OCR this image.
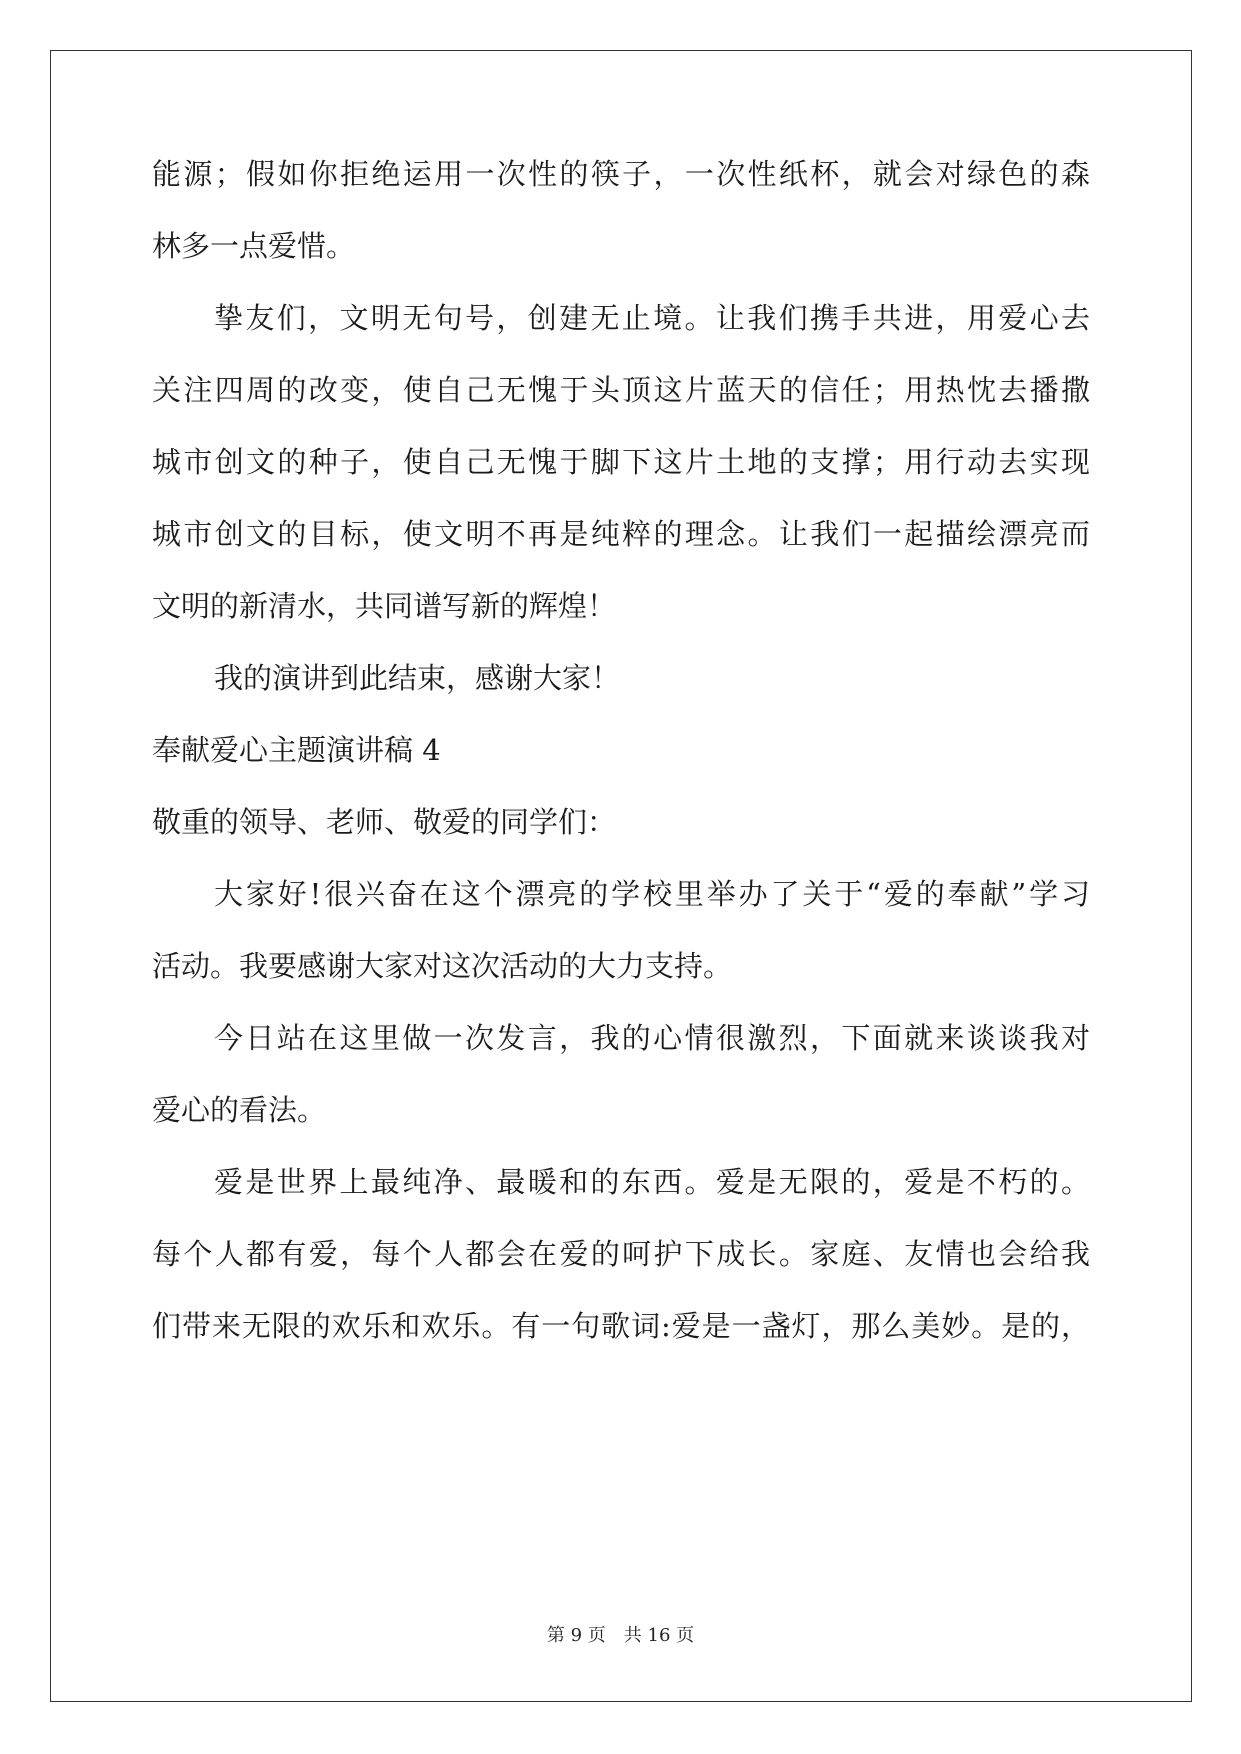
能源；假如你拒绝运用一次性的筷子，一次性纸杯，就会对绿色的森
林多一点爱惜。
挚友们，文明无句号，创建无止境。让我们携手共进，用爱心去
关注四周的改变，使自己无愧于头顶这片蓝天的信任；用热忱去播撒
城市创文的种子，使自己无愧于脚下这片土地的支撑；用行动去实现
城市创文的目标，使文明不再是纯粹的理念。让我们一起描绘漂亮而
文明的新清水，共同谱写新的辉煌！
我的演讲到此结束，感谢大家！
奉献爱心主题演讲稿 4
敬重的领导、老师、敬爱的同学们：
大家好!很兴奋在这个漂亮的学校里举办了关于“爱的奉献”学习
活动。我要感谢大家对这次活动的大力支持。
今日站在这里做一次发言，我的心情很激烈，下面就来谈谈我对
爱心的看法。
爱是世界上最纯净、最暖和的东西。爱是无限的，爱是不朽的。
每个人都有爱，每个人都会在爱的呵护下成长。家庭、友情也会给我
们带来无限的欢乐和欢乐。有一句歌词:爱是一盏灯，那么美妙。是的，
第 9 页　共 16 页
